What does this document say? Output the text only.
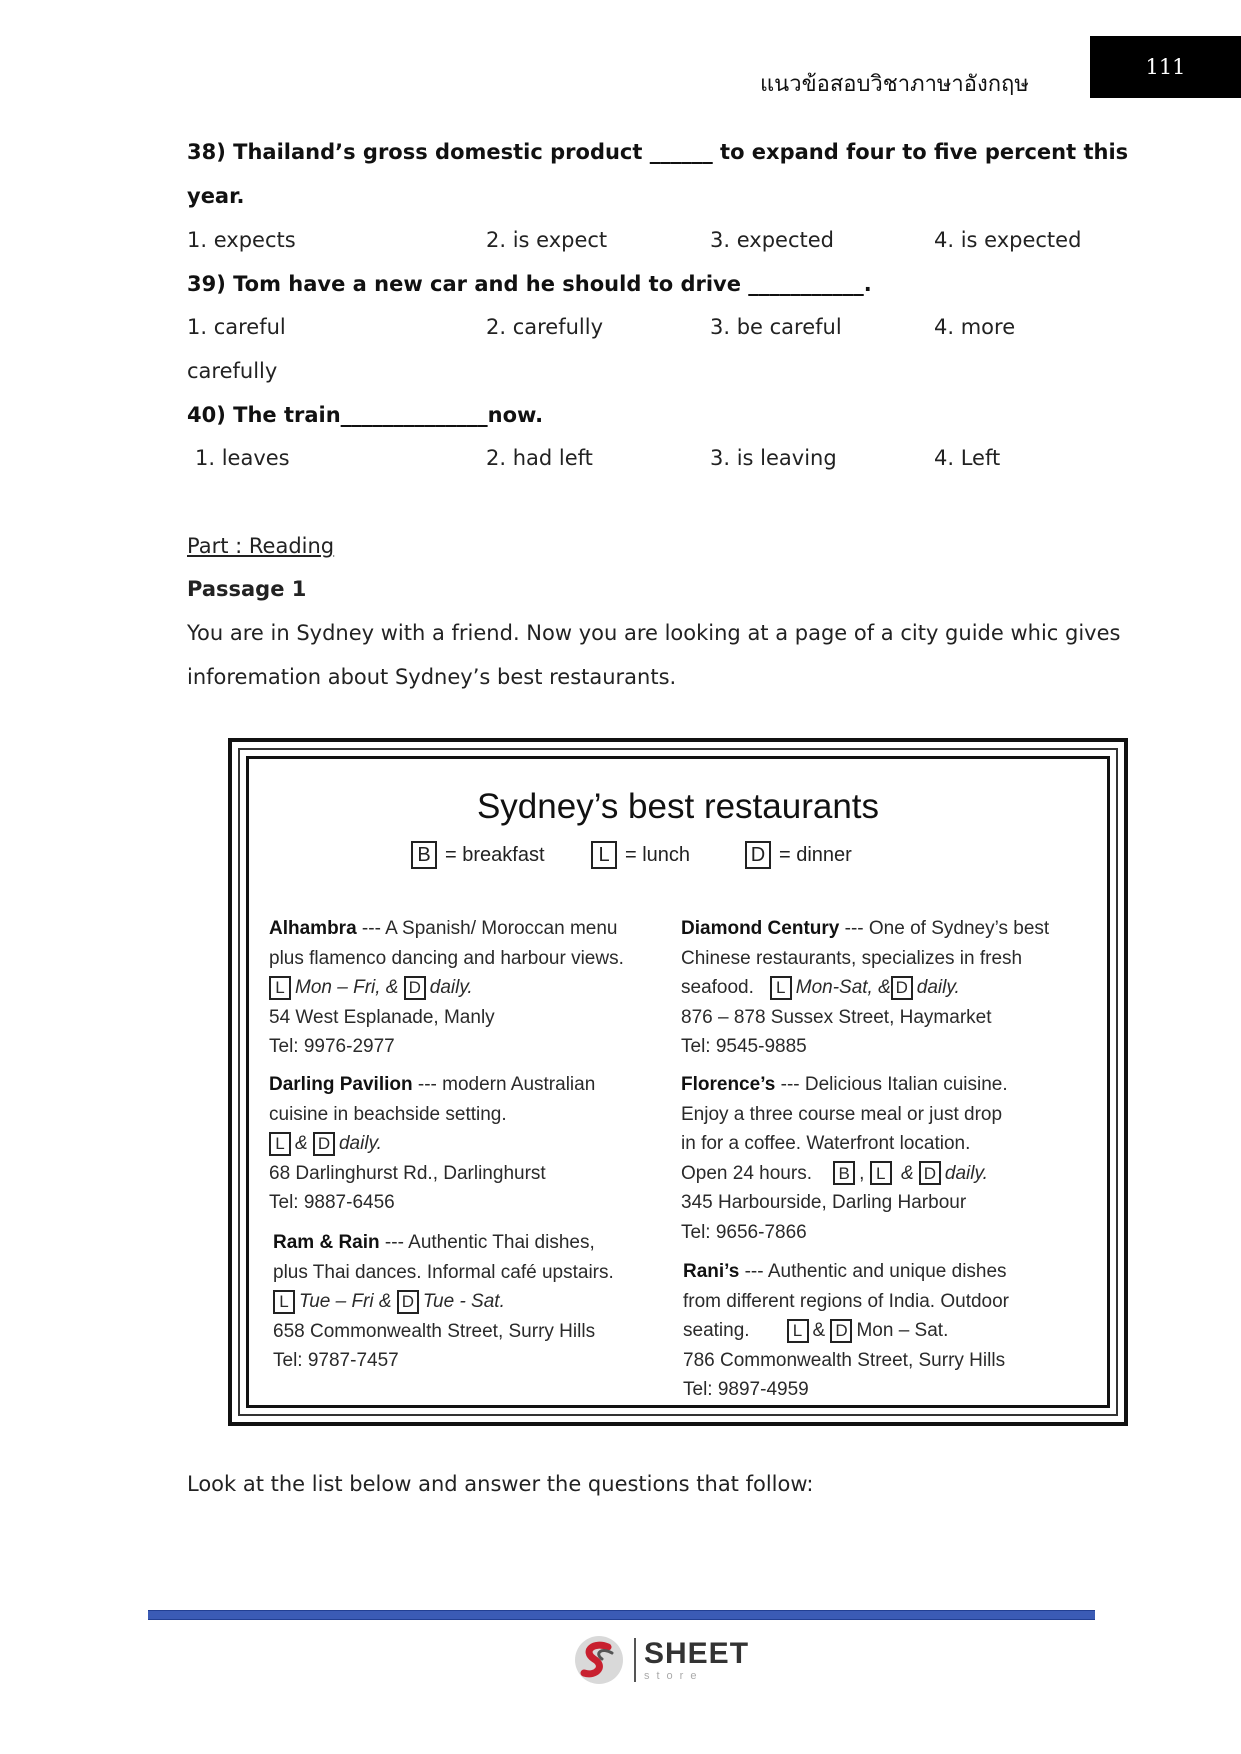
แนวข้อสอบวิชาภาษาอังกฤษ
111
38) Thailand’s gross domestic product ______ to expand four to five percent this
year.
1. expects	2. is expect	3. expected	4. is expected
39) Tom have a new car and he should to drive ___________.
1. careful	2. carefully	3. be careful	4. more
carefully
40) The train______________now.
1. leaves	2. had left	3. is leaving	4. Left
Part : Reading
Passage 1
You are in Sydney with a friend. Now you are looking at a page of a city guide whic gives
inforemation about Sydney’s best restaurants.
Sydney’s best restaurants
B = breakfast	L = lunch	D = dinner
Alhambra --- A Spanish/ Moroccan menu
plus flamenco dancing and harbour views.
L Mon – Fri, & D daily.
54 West Esplanade, Manly
Tel: 9976-2977
Darling Pavilion --- modern Australian
cuisine in beachside setting.
L & D daily.
68 Darlinghurst Rd., Darlinghurst
Tel: 9887-6456
Ram & Rain --- Authentic Thai dishes,
plus Thai dances. Informal café upstairs.
L Tue – Fri & D Tue - Sat.
658 Commonwealth Street, Surry Hills
Tel: 9787-7457
Diamond Century --- One of Sydney’s best
Chinese restaurants, specializes in fresh
seafood. L Mon-Sat, & D daily.
876 – 878 Sussex Street, Haymarket
Tel: 9545-9885
Florence’s --- Delicious Italian cuisine.
Enjoy a three course meal or just drop
in for a coffee. Waterfront location.
Open 24 hours. B , L & D daily.
345 Harbourside, Darling Harbour
Tel: 9656-7866
Rani’s --- Authentic and unique dishes
from different regions of India. Outdoor
seating.	L & D Mon – Sat.
786 Commonwealth Street, Surry Hills
Tel: 9897-4959
Look at the list below and answer the questions that follow:
SHEET
store
